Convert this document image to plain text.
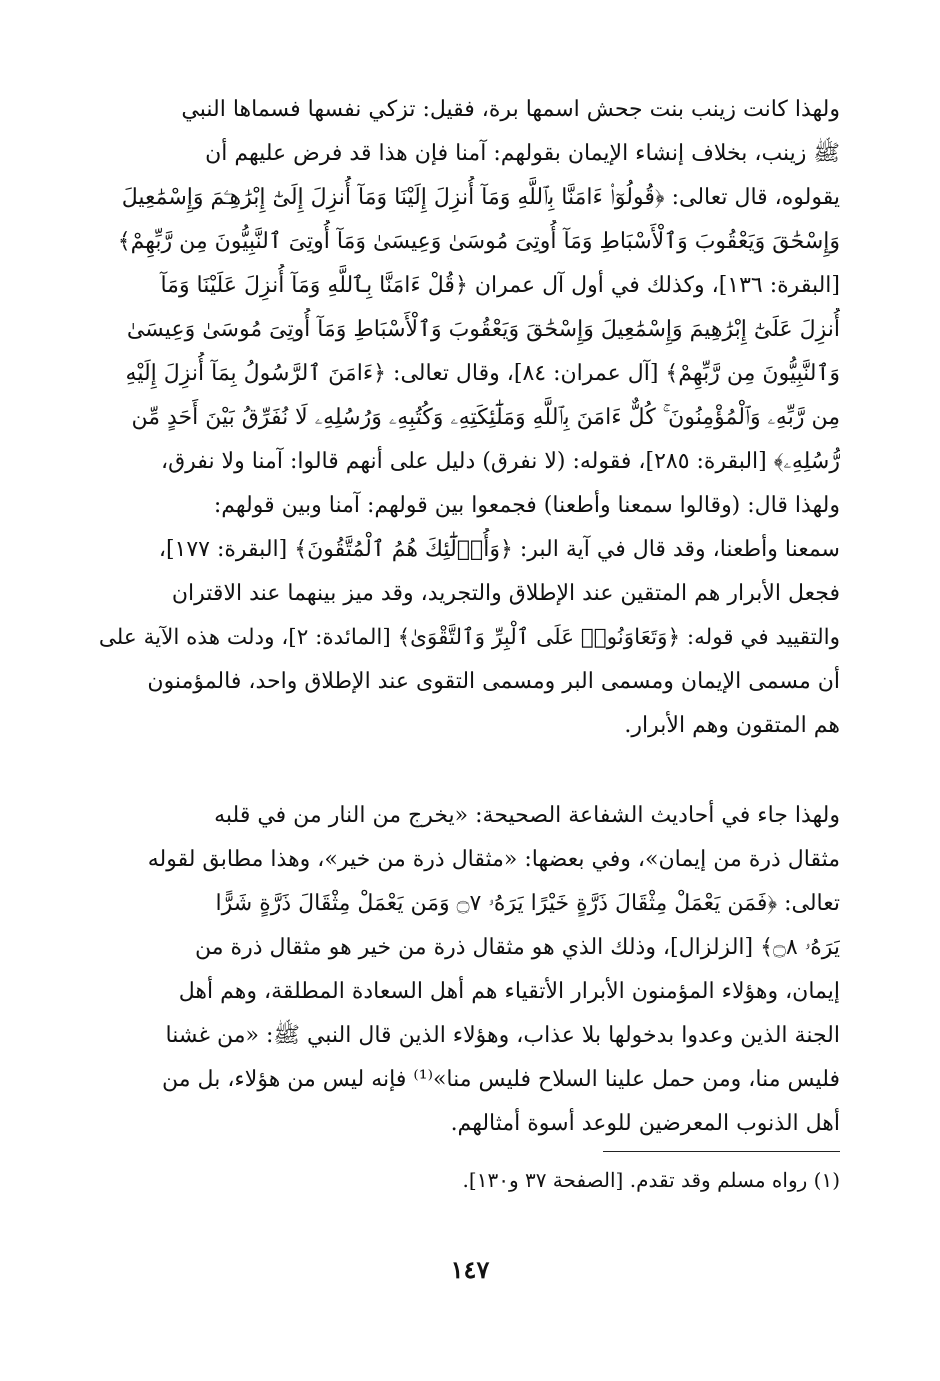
ولهذا كانت زينب بنت جحش اسمها برة، فقيل: تزكي نفسها فسماها النبي
ﷺ زينب، بخلاف إنشاء الإيمان بقولهم: آمنا فإن هذا قد فرض عليهم أن
يقولوه، قال تعالى: ﴿قُولُوٓا۟ ءَامَنَّا بِٱللَّهِ وَمَآ أُنزِلَ إِلَيْنَا وَمَآ أُنزِلَ إِلَىٰٓ إِبْرَٰهِـۧمَ وَإِسْمَٰعِيلَ
وَإِسْحَٰقَ وَيَعْقُوبَ وَٱلْأَسْبَاطِ وَمَآ أُوتِىَ مُوسَىٰ وَعِيسَىٰ وَمَآ أُوتِىَ ٱلنَّبِيُّونَ مِن رَّبِّهِمْ﴾
[البقرة: ١٣٦]، وكذلك في أول آل عمران ﴿قُلْ ءَامَنَّا بِٱللَّهِ وَمَآ أُنزِلَ عَلَيْنَا وَمَآ
أُنزِلَ عَلَىٰٓ إِبْرَٰهِيمَ وَإِسْمَٰعِيلَ وَإِسْحَٰقَ وَيَعْقُوبَ وَٱلْأَسْبَاطِ وَمَآ أُوتِىَ مُوسَىٰ وَعِيسَىٰ
وَٱلنَّبِيُّونَ مِن رَّبِّهِمْ﴾ [آل عمران: ٨٤]، وقال تعالى: ﴿ءَامَنَ ٱلرَّسُولُ بِمَآ أُنزِلَ إِلَيْهِ
مِن رَّبِّهِۦ وَٱلْمُؤْمِنُونَ ۚ كُلٌّ ءَامَنَ بِٱللَّهِ وَمَلَٰٓئِكَتِهِۦ وَكُتُبِهِۦ وَرُسُلِهِۦ لَا نُفَرِّقُ بَيْنَ أَحَدٍ مِّن
رُّسُلِهِۦ﴾ [البقرة: ٢٨٥]، فقوله: (لا نفرق) دليل على أنهم قالوا: آمنا ولا نفرق،
ولهذا قال: (وقالوا سمعنا وأطعنا) فجمعوا بين قولهم: آمنا وبين قولهم:
سمعنا وأطعنا، وقد قال في آية البر: ﴿وَأُو۟لَٰٓئِكَ هُمُ ٱلْمُتَّقُونَ﴾ [البقرة: ١٧٧]،
فجعل الأبرار هم المتقين عند الإطلاق والتجريد، وقد ميز بينهما عند الاقتران
والتقييد في قوله: ﴿وَتَعَاوَنُوا۟ عَلَى ٱلْبِرِّ وَٱلتَّقْوَىٰ﴾ [المائدة: ٢]، ودلت هذه الآية على
أن مسمى الإيمان ومسمى البر ومسمى التقوى عند الإطلاق واحد، فالمؤمنون
هم المتقون وهم الأبرار.
ولهذا جاء في أحاديث الشفاعة الصحيحة: «يخرج من النار من في قلبه
مثقال ذرة من إيمان»، وفي بعضها: «مثقال ذرة من خير»، وهذا مطابق لقوله
تعالى: ﴿فَمَن يَعْمَلْ مِثْقَالَ ذَرَّةٍ خَيْرًا يَرَهُۥ ۝٧ وَمَن يَعْمَلْ مِثْقَالَ ذَرَّةٍ شَرًّا
يَرَهُۥ ۝٨﴾ [الزلزال]، وذلك الذي هو مثقال ذرة من خير هو مثقال ذرة من
إيمان، وهؤلاء المؤمنون الأبرار الأتقياء هم أهل السعادة المطلقة، وهم أهل
الجنة الذين وعدوا بدخولها بلا عذاب، وهؤلاء الذين قال النبي ﷺ: «من غشنا
فليس منا، ومن حمل علينا السلاح فليس منا»⁽¹⁾ فإنه ليس من هؤلاء، بل من
أهل الذنوب المعرضين للوعد أسوة أمثالهم.
(١) رواه مسلم وقد تقدم. [الصفحة ٣٧ و١٣٠].
١٤٧
